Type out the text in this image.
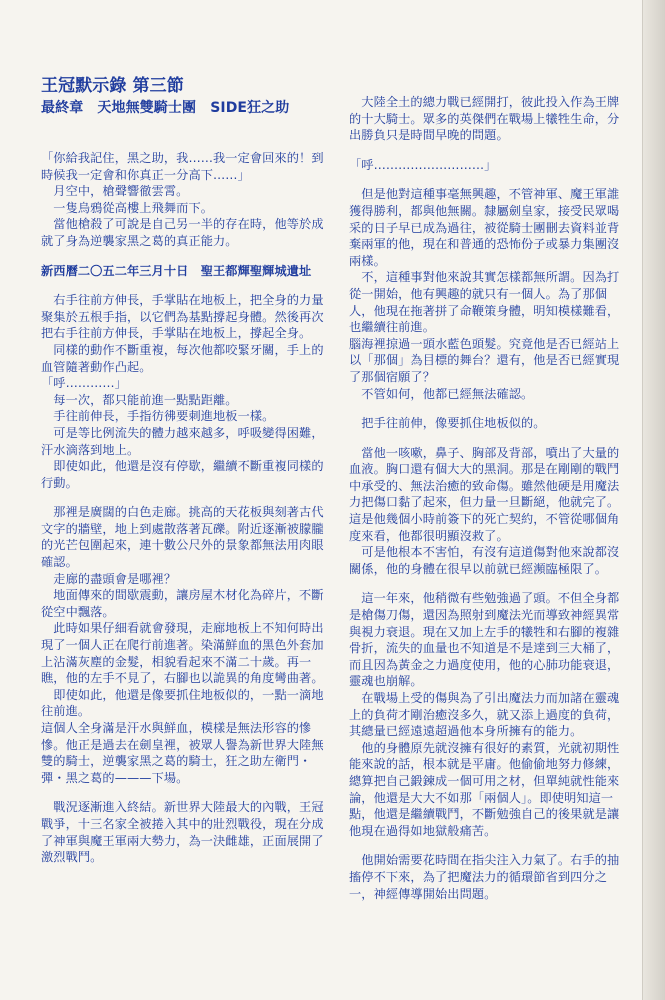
王冠默示錄 第三節
最終章　天地無雙騎士團　SIDE狂之助
「你給我記住，黑之助，我……我一定會回來的！到時候我一定會和你真正一分高下……」
　月空中，槍聲響徹雲霄。
　一隻烏鴉從高樓上飛舞而下。
　當他槍殺了可說是自己另一半的存在時，他等於成就了身為逆襲家黑之葛的真正能力。
新西曆二〇五二年三月十日　聖王都輝聖輝城遺址
　右手往前方伸長，手掌貼在地板上，把全身的力量聚集於五根手指，以它們為基點撐起身體。然後再次把右手往前方伸長，手掌貼在地板上，撐起全身。
　同樣的動作不斷重複，每次他都咬緊牙關，手上的血管隨著動作凸起。
「呼…………」
　每一次，都只能前進一點點距離。
　手往前伸長，手指彷彿要刺進地板一樣。
　可是等比例流失的體力越來越多，呼吸變得困難，汗水滴落到地上。
　即使如此，他還是沒有停歇，繼續不斷重複同樣的行動。
　那裡是廣闊的白色走廊。挑高的天花板與刻著古代文字的牆壁，地上到處散落著瓦礫。附近逐漸被朦朧的光芒包圍起來，連十數公尺外的景象都無法用肉眼確認。
　走廊的盡頭會是哪裡？
　地面傳來的間歇震動，讓房屋木材化為碎片，不斷從空中飄落。
　此時如果仔細看就會發現，走廊地板上不知何時出現了一個人正在爬行前進著。染滿鮮血的黑色外套加上沾滿灰塵的金髮，相貌看起來不滿二十歲。再一瞧，他的左手不見了，右腳也以詭異的角度彎曲著。
　即使如此，他還是像要抓住地板似的，一點一滴地往前進。
這個人全身滿是汗水與鮮血，模樣是無法形容的慘慘。他正是過去在劍皇裡，被眾人譽為新世界大陸無雙的騎士，逆襲家黑之葛的騎士，狂之助左衛門・彈・黑之葛的———下場。
　戰況逐漸進入終結。新世界大陸最大的內戰，王冠戰爭，十三名家全被捲入其中的壯烈戰役，現在分成了神軍與魔王軍兩大勢力，為一決雌雄，正面展開了激烈戰鬥。
　大陸全土的總力戰已經開打，彼此投入作為王牌的十大騎士。眾多的英傑們在戰場上犧牲生命，分出勝負只是時間早晚的問題。
「呼………………………」
　但是他對這種事毫無興趣，不管神軍、魔王軍誰獲得勝利，都與他無關。隸屬劍皇家，接受民眾喝采的日子早已成為過往，被從騎士團刪去資料並背棄兩軍的他，現在和普通的恐怖份子或暴力集團沒兩樣。
　不，這種事對他來說其實怎樣都無所謂。因為打從一開始，他有興趣的就只有一個人。為了那個人，他現在拖著拼了命鞭策身體，明知模樣難看，也繼續往前進。
腦海裡掠過一頭水藍色頭髮。究竟他是否已經站上以「那個」為目標的舞台？還有，他是否已經實現了那個宿願了？
　不管如何，他都已經無法確認。
　把手往前伸，像要抓住地板似的。
　當他一咳嗽，鼻子、胸部及背部，噴出了大量的血液。胸口還有個大大的黑洞。那是在剛剛的戰鬥中承受的、無法治癒的致命傷。雖然他硬是用魔法力把傷口黏了起來，但力量一旦斷絕，他就完了。這是他幾個小時前簽下的死亡契約，不管從哪個角度來看，他都很明顯沒救了。
　可是他根本不害怕，有沒有這道傷對他來說都沒關係，他的身體在很早以前就已經瀕臨極限了。
　這一年來，他稍微有些勉強過了頭。不但全身都是槍傷刀傷，還因為照射到魔法光而導致神經異常與視力衰退。現在又加上左手的犧牲和右腳的複雜骨折，流失的血量也不知道是不是達到三大桶了，而且因為黃金之力過度使用，他的心肺功能衰退，靈魂也崩解。
　在戰場上受的傷與為了引出魔法力而加諸在靈魂上的負荷才剛治癒沒多久，就又添上過度的負荷，其總量已經遠遠超過他本身所擁有的能力。
　他的身體原先就沒擁有很好的素質，光就初期性能來說的話，根本就是平庸。他偷偷地努力修練，總算把自己鍛鍊成一個可用之材，但單純就性能來論，他還是大大不如那「兩個人」。即使明知這一點，他還是繼續戰鬥，不斷勉強自己的後果就是讓他現在過得如地獄般痛苦。
　他開始需要花時間在指尖注入力氣了。右手的抽搐停不下來，為了把魔法力的循環節省到四分之一，神經傳導開始出問題。
